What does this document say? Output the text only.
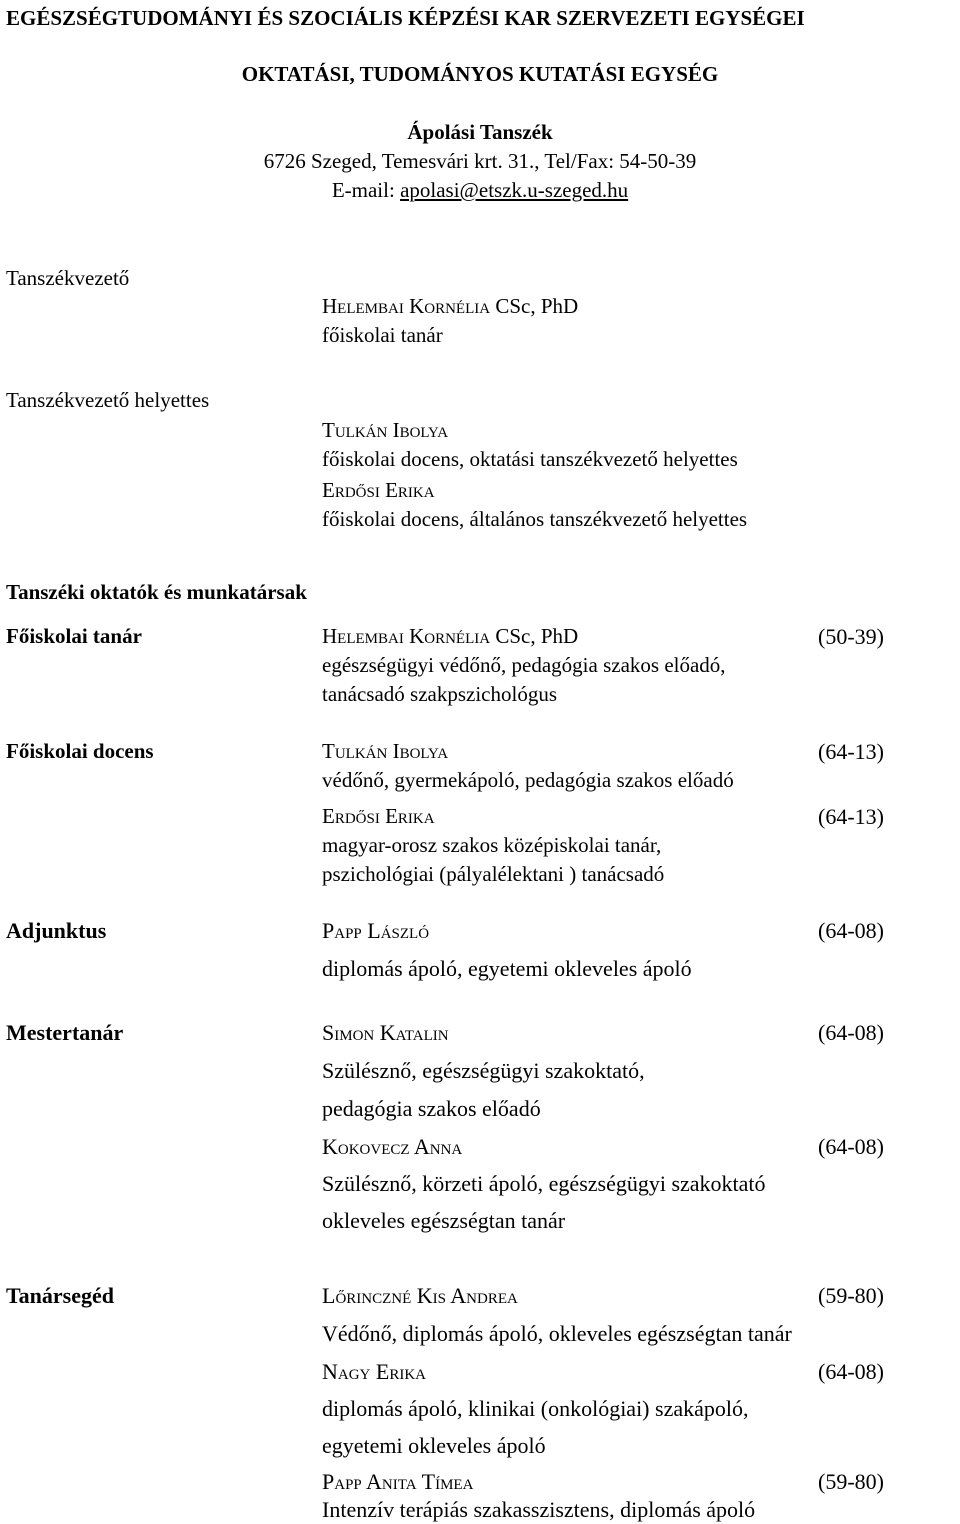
EGÉSZSÉGTUDOMÁNYI ÉS SZOCIÁLIS KÉPZÉSI KAR SZERVEZETI EGYSÉGEI
OKTATÁSI, TUDOMÁNYOS KUTATÁSI EGYSÉG
Ápolási Tanszék
6726 Szeged, Temesvári krt. 31., Tel/Fax: 54-50-39
E-mail: apolasi@etszk.u-szeged.hu
Tanszékvezető
Helembai Kornélia CSc, PhD
főiskolai tanár
Tanszékvezető helyettes
Tulkán Ibolya
főiskolai docens, oktatási tanszékvezető helyettes
Erdősi Erika
főiskolai docens, általános tanszékvezető helyettes
Tanszéki oktatók és munkatársak
Főiskolai tanár	Helembai Kornélia CSc, PhD	(50-39)
egészségügyi védőnő, pedagógia szakos előadó,
tanácsadó szakpszichológus
Főiskolai docens	Tulkán Ibolya	(64-13)
védőnő, gyermekápoló, pedagógia szakos előadó
Erdősi Erika	(64-13)
magyar-orosz szakos középiskolai tanár,
pszichológiai (pályalélektani ) tanácsadó
Adjunktus	Papp László	(64-08)
diplomás ápoló, egyetemi okleveles ápoló
Mestertanár	Simon Katalin	(64-08)
Szülésznő, egészségügyi szakoktató,
pedagógia szakos előadó
Kokovecz Anna	(64-08)
Szülésznő, körzeti ápoló, egészségügyi szakoktató
okleveles egészségtan tanár
Tanársegéd	Lőrinczné Kis Andrea	(59-80)
Védőnő, diplomás ápoló, okleveles egészségtan tanár
Nagy Erika	(64-08)
diplomás ápoló, klinikai (onkológiai) szakápoló,
egyetemi okleveles ápoló
Papp Anita Tímea	(59-80)
Intenzív terápiás szakasszisztens, diplomás ápoló
